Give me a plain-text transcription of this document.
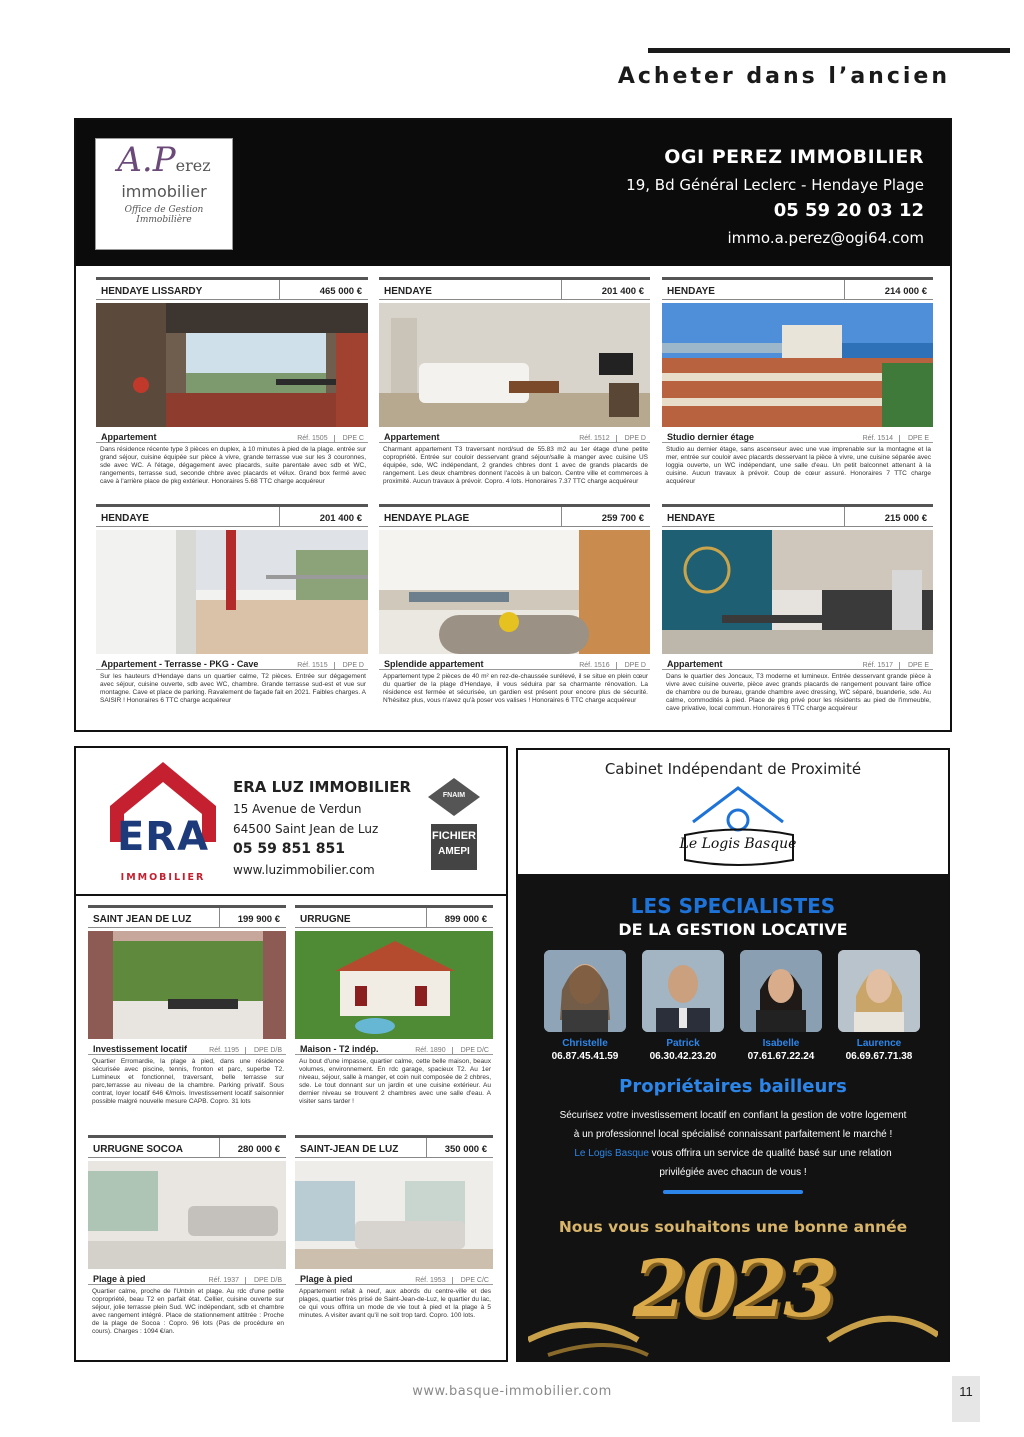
Acheter dans l’ancien
A.Perez
immobilier
Office de Gestion Immobilière
OGI PEREZ IMMOBILIER
19, Bd Général Leclerc - Hendaye Plage
05 59 20 03 12
immo.a.perez@ogi64.com
HENDAYE LISSARDY	465 000 €
Appartement	Réf. 1505	DPE C
Dans résidence récente type 3 pièces en duplex, à 10 minutes à pied de la plage. entrée sur grand séjour, cuisine équipée sur pièce à vivre, grande terrasse vue sur les 3 couronnes, sde avec WC. A l'étage, dégagement avec placards, suite parentale avec sdb et WC, rangements, terrasse sud, seconde chbre avec placards et vélux. Grand box fermé avec cave à l'arrière place de pkg extérieur. Honoraires 5.68 TTC charge acquéreur
HENDAYE	201 400 €
Appartement	Réf. 1512	DPE D
Charmant appartement T3 traversant nord/sud de 55.83 m2 au 1er étage d'une petite copropriété. Entrée sur couloir desservant grand séjour/salle à manger avec cuisine US équipée, sde, WC indépendant, 2 grandes chbres dont 1 avec de grands placards de rangement. Les deux chambres donnent l'accès à un balcon. Centre ville et commerces à proximité. Aucun travaux à prévoir. Copro. 4 lots. Honoraires 7.37 TTC charge acquéreur
HENDAYE	214 000 €
Studio dernier étage	Réf. 1514	DPE E
Studio au dernier étage, sans ascenseur avec une vue imprenable sur la montagne et la mer, entrée sur couloir avec placards desservant la pièce à vivre, une cuisine séparée avec loggia ouverte, un WC indépendant, une salle d'eau. Un petit balconnet attenant à la cuisine. Aucun travaux à prévoir. Coup de cœur assuré. Honoraires 7 TTC charge acquéreur
HENDAYE	201 400 €
Appartement - Terrasse - PKG - Cave	Réf. 1515	DPE D
Sur les hauteurs d'Hendaye dans un quartier calme, T2 pièces. Entrée sur dégagement avec séjour, cuisine ouverte, sdb avec WC, chambre. Grande terrasse sud-est et vue sur montagne. Cave et place de parking. Ravalement de façade fait en 2021. Faibles charges. A SAISIR ! Honoraires 6 TTC charge acquéreur
HENDAYE PLAGE	259 700 €
Splendide appartement	Réf. 1516	DPE D
Appartement type 2 pièces de 40 m² en rez-de-chaussée surélevé, il se situe en plein cœur du quartier de la plage d'Hendaye, il vous séduira par sa charmante rénovation. La résidence est fermée et sécurisée, un gardien est présent pour encore plus de sécurité. N'hésitez plus, vous n'avez qu'à poser vos valises ! Honoraires 6 TTC charge acquéreur
HENDAYE	215 000 €
Appartement	Réf. 1517	DPE E
Dans le quartier des Joncaux, T3 moderne et lumineux. Entrée desservant grande pièce à vivre avec cuisine ouverte, pièce avec grands placards de rangement pouvant faire office de chambre ou de bureau, grande chambre avec dressing, WC séparé, buanderie, sde. Au calme, commodités à pied. Place de pkg privé pour les résidents au pied de l'immeuble, cave privative, local commun. Honoraires 6 TTC charge acquéreur
ERA
IMMOBILIER
ERA LUZ IMMOBILIER
15 Avenue de Verdun
64500 Saint Jean de Luz
05 59 851 851
www.luzimmobilier.com
FNAIM
FICHIER
AMEPI
SAINT JEAN DE LUZ	199 900 €
Investissement locatif	Réf. 1195	DPE D/B
Quartier Erromardie, la plage à pied, dans une résidence sécurisée avec piscine, tennis, fronton et parc, superbe T2. Lumineux et fonctionnel, traversant, belle terrasse sur parc,terrasse au niveau de la chambre. Parking privatif. Sous contrat, loyer locatif 646 €/mois. Investissement locatif saisonnier possible malgré nouvelle mesure CAPB. Copro. 31 lots
URRUGNE	899 000 €
Maison - T2 indép.	Réf. 1890	DPE D/C
Au bout d'une impasse, quartier calme, cette belle maison, beaux volumes, environnement. En rdc garage, spacieux T2. Au 1er niveau, séjour, salle à manger, et coin nuit composée de 2 chbres, sde. Le tout donnant sur un jardin et une cuisine extérieur. Au dernier niveau se trouvent 2 chambres avec une salle d'eau. A visiter sans tarder !
URRUGNE SOCOA	280 000 €
Plage à pied	Réf. 1937	DPE D/B
Quartier calme, proche de l'Untxin et plage. Au rdc d'une petite copropriété, beau T2 en parfait état. Cellier, cuisine ouverte sur séjour, jolie terrasse plein Sud. WC indépendant, sdb et chambre avec rangement intégré. Place de stationnement attitrée : Proche de la plage de Socoa : Copro. 96 lots (Pas de procédure en cours). Charges : 1094 €/an.
SAINT-JEAN DE LUZ	350 000 €
Plage à pied	Réf. 1953	DPE C/C
Appartement refait à neuf, aux abords du centre-ville et des plages, quartier très prisé de Saint-Jean-de-Luz, le quartier du lac, ce qui vous offrira un mode de vie tout à pied et la plage à 5 minutes. A visiter avant qu'il ne soit trop tard. Copro. 100 lots.
Cabinet Indépendant de Proximité
Le Logis Basque
LES SPECIALISTES
DE LA GESTION LOCATIVE
Christelle
06.87.45.41.59
Patrick
06.30.42.23.20
Isabelle
07.61.67.22.24
Laurence
06.69.67.71.38
Propriétaires bailleurs
Sécurisez votre investissement locatif en confiant la gestion de votre logement
à un professionnel local spécialisé connaissant parfaitement le marché !
Le Logis Basque vous offrira un service de qualité basé sur une relation
privilégiée avec chacun de vous !
Nous vous souhaitons une bonne année
2023
www.basque-immobilier.com	11
